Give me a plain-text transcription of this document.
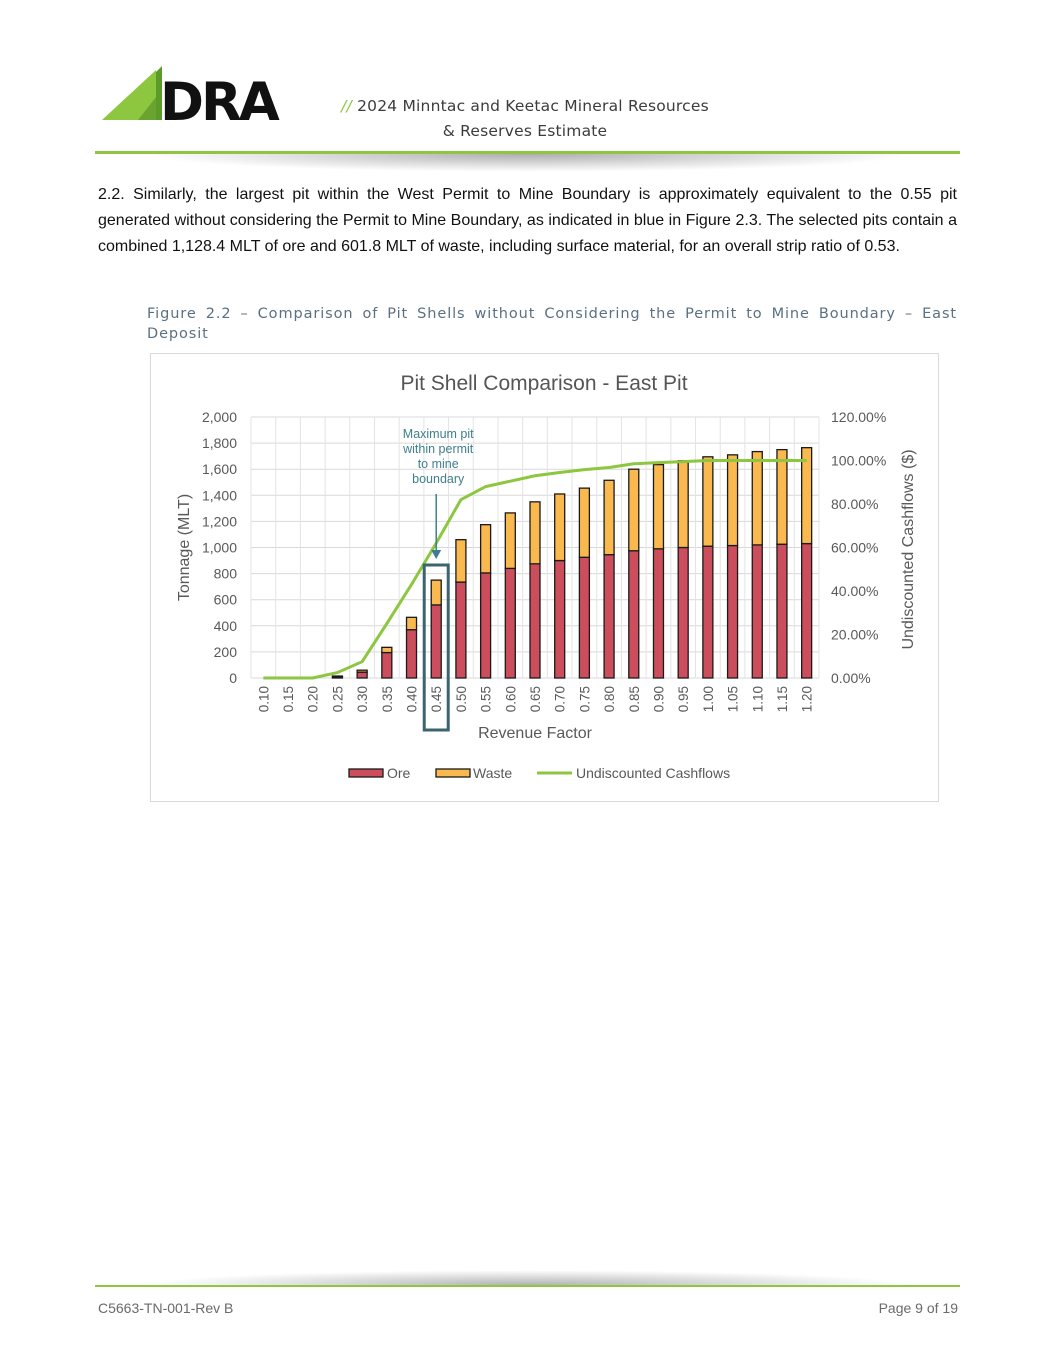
DRA	// 2024 Minntac and Keetac Mineral Resources
& Reserves Estimate

2.2. Similarly, the largest pit within the West Permit to Mine Boundary is approximately equivalent to the 0.55 pit generated without considering the Permit to Mine Boundary, as indicated in blue in Figure 2.3. The selected pits contain a combined 1,128.4 MLT of ore and 601.8 MLT of waste, including surface material, for an overall strip ratio of 0.53.

Figure 2.2 – Comparison of Pit Shells without Considering the Permit to Mine Boundary – East Deposit

Pit Shell Comparison - East Pit
0
200
400
600
800
1,000
1,200
1,400
1,600
1,800
2,000
0.00%
20.00%
40.00%
60.00%
80.00%
100.00%
120.00%
0.10 0.15 0.20 0.25 0.30 0.35 0.40 0.45 0.50 0.55 0.60 0.65 0.70 0.75 0.80 0.85 0.90 0.95 1.00 1.05 1.10 1.15 1.20
Maximum pit
within permit
to mine
boundary
Tonnage (MLT)	Undiscounted Cashflows ($)
Revenue Factor
Ore	Waste	Undiscounted Cashflows
C5663-TN-001-Rev B	Page 9 of 19
